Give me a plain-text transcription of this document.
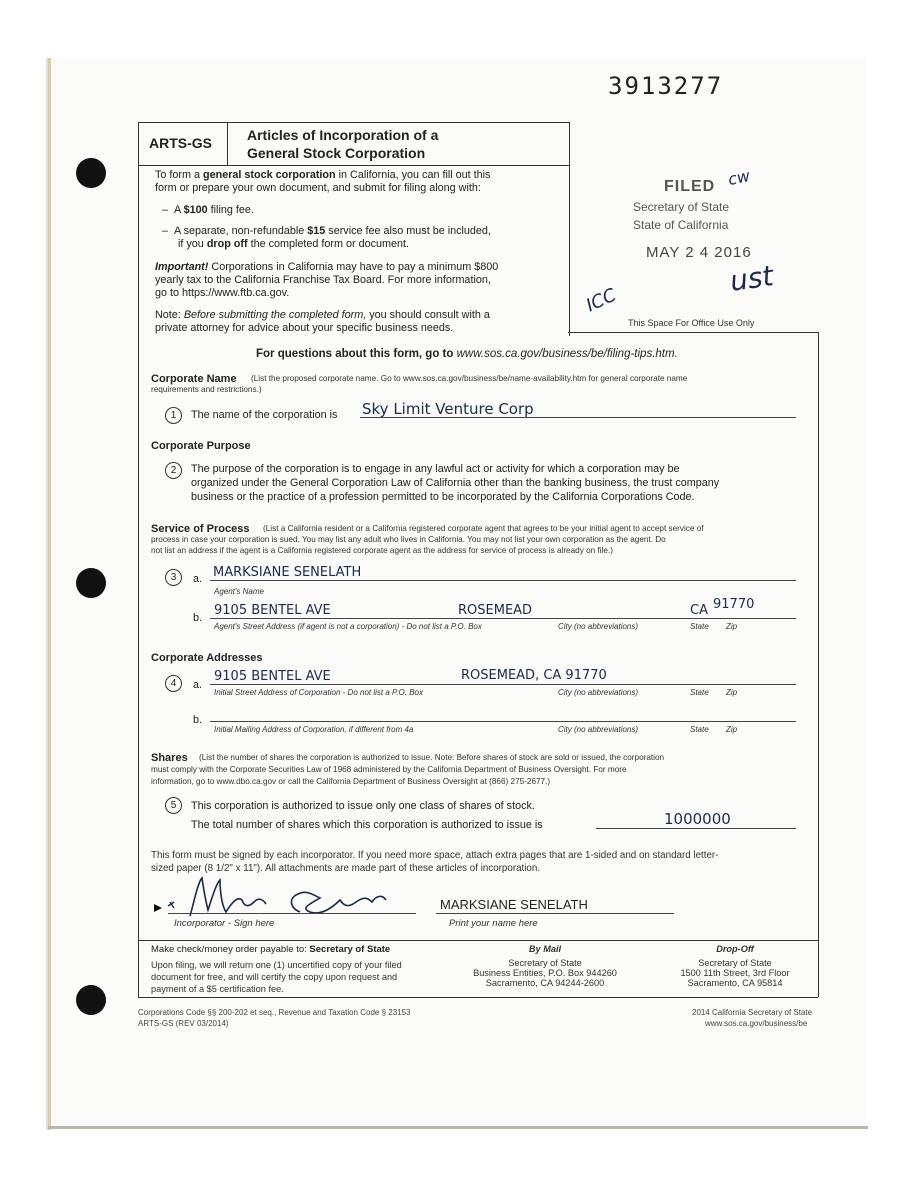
3913277
ARTS-GS	Articles of Incorporation of a
General Stock Corporation
To form a general stock corporation in California, you can fill out this
form or prepare your own document, and submit for filing along with:
–  A $100 filing fee.
–  A separate, non-refundable $15 service fee also must be included,
if you drop off the completed form or document.
Important! Corporations in California may have to pay a minimum $800
yearly tax to the California Franchise Tax Board. For more information,
go to https://www.ftb.ca.gov.
Note: Before submitting the completed form, you should consult with a
private attorney for advice about your specific business needs.
FILED cw
Secretary of State
State of California
MAY 2 4 2016
ICC
ust
This Space For Office Use Only
For questions about this form, go to www.sos.ca.gov/business/be/filing-tips.htm.
Corporate Name (List the proposed corporate name. Go to www.sos.ca.gov/business/be/name-availability.htm for general corporate name
requirements and restrictions.)
1	The name of the corporation is Sky Limit Venture Corp
Corporate Purpose
2	The purpose of the corporation is to engage in any lawful act or activity for which a corporation may be
organized under the General Corporation Law of California other than the banking business, the trust company
business or the practice of a profession permitted to be incorporated by the California Corporations Code.
Service of Process (List a California resident or a California registered corporate agent that agrees to be your initial agent to accept service of
process in case your corporation is sued. You may list any adult who lives in California. You may not list your own corporation as the agent. Do
not list an address if the agent is a California registered corporate agent as the address for service of process is already on file.)
3	a. MARKSIANE SENELATH
Agent's Name
b. 9105 BENTEL AVE	ROSEMEAD	CA 91770
Agent's Street Address (if agent is not a corporation) - Do not list a P.O. Box	City (no abbreviations)	State Zip
Corporate Addresses
4	a.
9105 BENTEL AVE	ROSEMEAD, CA 91770
Initial Street Address of Corporation - Do not list a P.O. Box	City (no abbreviations)	State Zip
b.
Initial Mailing Address of Corporation, if different from 4a	City (no abbreviations)	State Zip
Shares (List the number of shares the corporation is authorized to issue. Note: Before shares of stock are sold or issued, the corporation
must comply with the Corporate Securities Law of 1968 administered by the California Department of Business Oversight. For more
information, go to www.dbo.ca.gov or call the California Department of Business Oversight at (866) 275-2677.)
5	This corporation is authorized to issue only one class of shares of stock.
The total number of shares which this corporation is authorized to issue is	1000000
This form must be signed by each incorporator. If you need more space, attach extra pages that are 1-sided and on standard letter-
sized paper (8 1/2" x 11"). All attachments are made part of these articles of incorporation.
Incorporator - Sign here
MARKSIANE SENELATH
Print your name here
Make check/money order payable to: Secretary of State
Upon filing, we will return one (1) uncertified copy of your filed
document for free, and will certify the copy upon request and
payment of a $5 certification fee.
By Mail
Secretary of State
Business Entities, P.O. Box 944260
Sacramento, CA 94244-2600
Drop-Off
Secretary of State
1500 11th Street, 3rd Floor
Sacramento, CA 95814
Corporations Code §§ 200-202 et seq., Revenue and Taxation Code § 23153
ARTS-GS (REV 03/2014)
2014 California Secretary of State
www.sos.ca.gov/business/be
